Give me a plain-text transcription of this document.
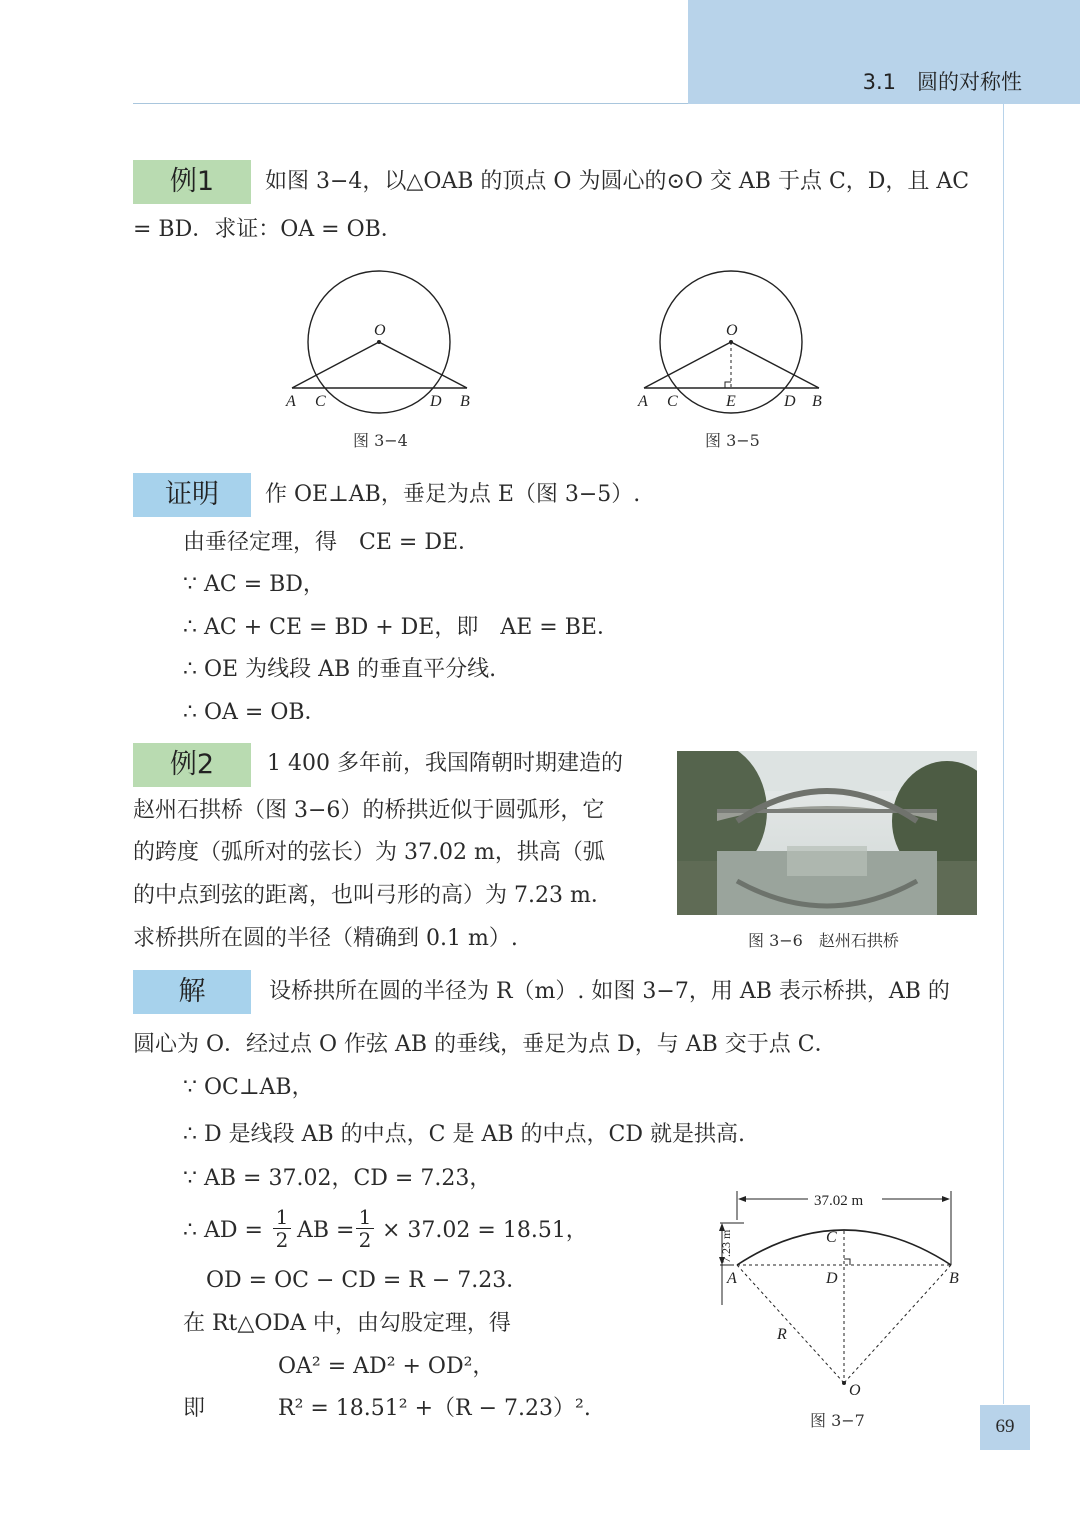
3.1　圆的对称性
例1	如图 3−4，以△OAB 的顶点 O 为圆心的⊙O 交 AB 于点 C，D，且 AC
= BD．求证：OA = OB．
O
A C	D B
图 3−4
O
A C	E	D B
图 3−5
证明	作 OE⊥AB，垂足为点 E（图 3−5）.
由垂径定理，得　CE = DE．
∵ AC = BD，
∴ AC + CE = BD + DE，即　AE = BE．
∴ OE 为线段 AB 的垂直平分线.
∴ OA = OB．
例2	1 400 多年前，我国隋朝时期建造的
赵州石拱桥（图 3−6）的桥拱近似于圆弧形，它
的跨度（弧所对的弦长）为 37.02 m，拱高（弧
的中点到弦的距离，也叫弓形的高）为 7.23 m．
求桥拱所在圆的半径（精确到 0.1 m）.	图 3−6　赵州石拱桥
解	设桥拱所在圆的半径为 R（m）. 如图 3−7，用 AB 表示桥拱，AB 的
圆心为 O．经过点 O 作弦 AB 的垂线，垂足为点 D，与 AB 交于点 C．
∵ OC⊥AB，
∴ D 是线段 AB 的中点，C 是 AB 的中点，CD 就是拱高.
∵ AB = 37.02，CD = 7.23，
∴ AD =
1
2 AB =
1
2 × 37.02 = 18.51，
OD = OC − CD = R − 7.23．
在 Rt△ODA 中，由勾股定理，得
OA² = AD² + OD²，
即	R² = 18.51² +（R − 7.23）².
37.02 m
7.23 m	C
A	D	B
R
O
图 3−7	69
